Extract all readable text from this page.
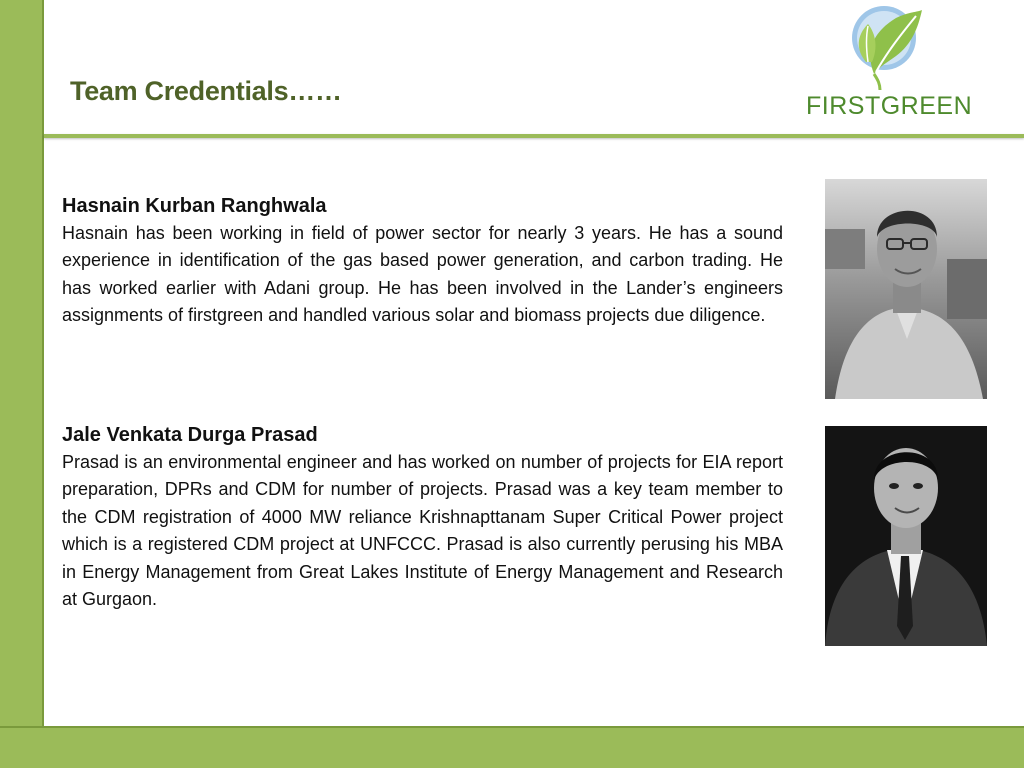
Team Credentials……	FIRSTGREEN
Hasnain Kurban Ranghwala

Hasnain has been working in field of power sector for nearly 3 years. He has a sound experience in identification of the gas based power generation, and carbon trading. He has worked earlier with Adani group. He has been involved in the Lander’s engineers assignments of firstgreen and handled various solar and biomass projects due diligence.

Jale Venkata Durga Prasad

Prasad is an environmental engineer and has worked on number of projects for EIA report preparation, DPRs and CDM for number of projects. Prasad was a key team member to the CDM registration of 4000 MW reliance Krishnapttanam Super Critical Power project which is a registered CDM project at UNFCCC. Prasad is also currently perusing his MBA in Energy Management from Great Lakes Institute of Energy Management and Research at Gurgaon.
